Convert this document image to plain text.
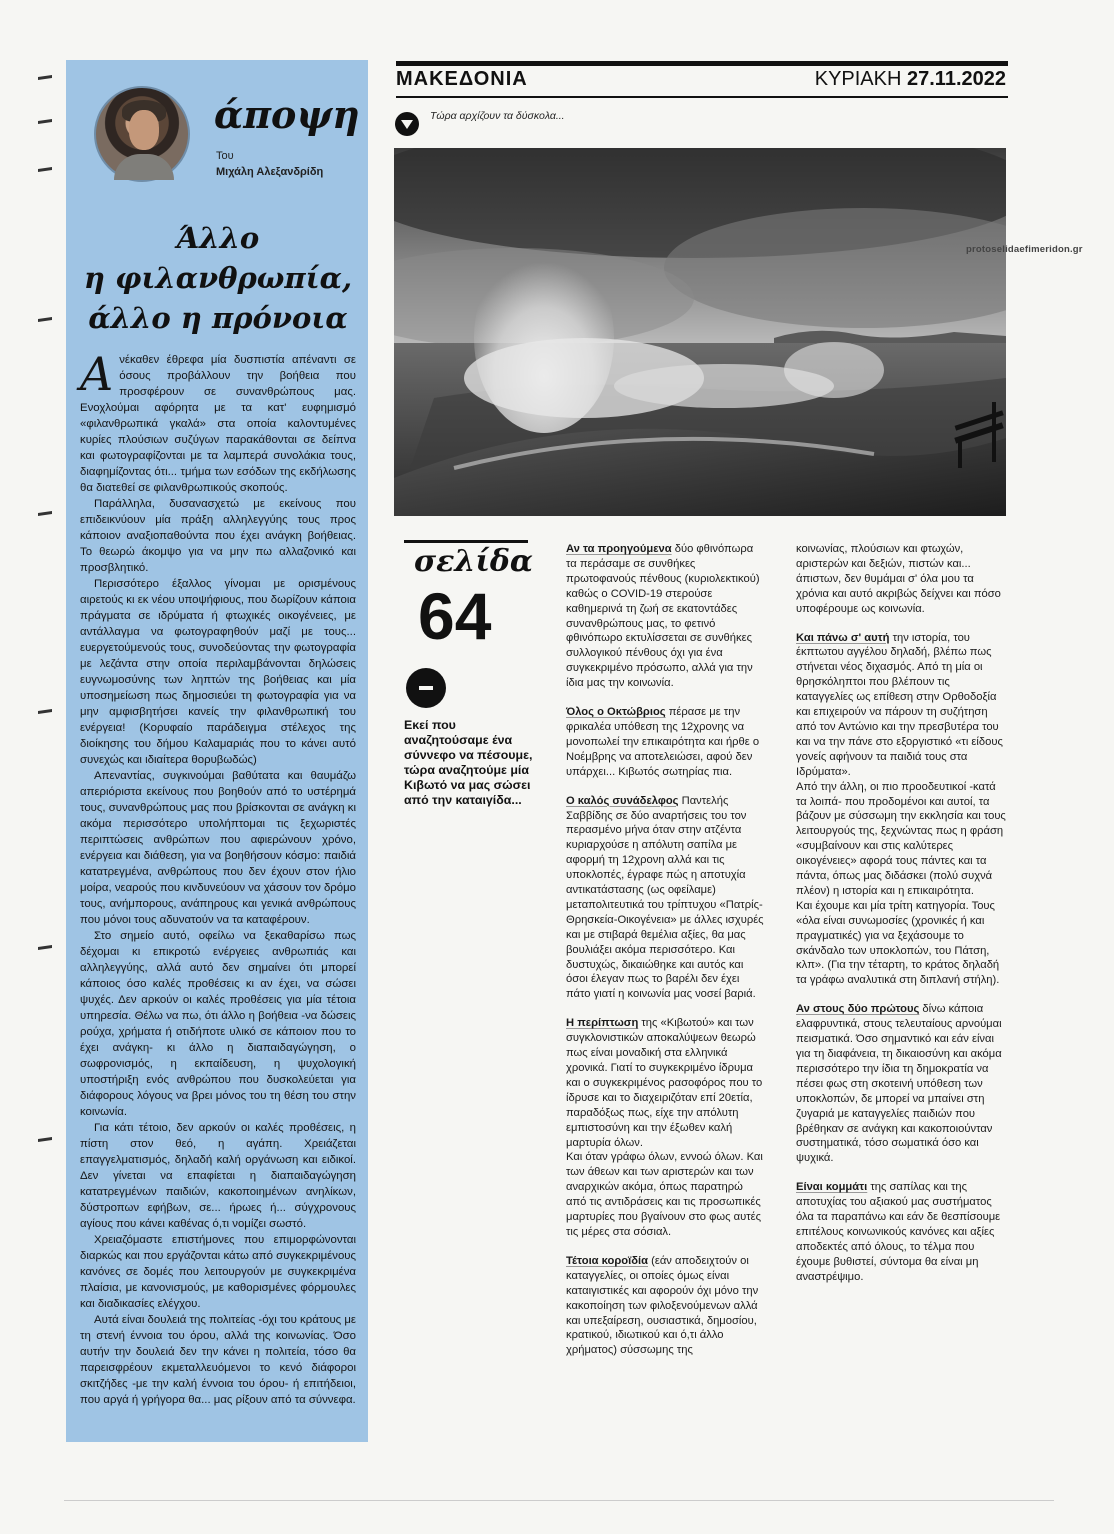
άποψη
Του
Μιχάλη Αλεξανδρίδη
Άλλο
η φιλανθρωπία,
άλλο η πρόνοια

Ανέκαθεν έθρεφα μία δυσπιστία απέναντι σε όσους προβάλλουν την βοήθεια που προσφέρουν σε συνανθρώπους μας. Ενοχλούμαι αφόρητα με τα κατ' ευφημισμό «φιλανθρωπικά γκαλά» στα οποία καλοντυμένες κυρίες πλούσιων συζύγων παρακάθονται σε δείπνα και φωτογραφίζονται με τα λαμπερά συνολάκια τους, διαφημίζοντας ότι... τμήμα των εσόδων της εκδήλωσης θα διατεθεί σε φιλανθρωπικούς σκοπούς.

Παράλληλα, δυσανασχετώ με εκείνους που επιδεικνύουν μία πράξη αλληλεγγύης τους προς κάποιον αναξιοπαθούντα που έχει ανάγκη βοήθειας. Το θεωρώ άκομψο για να μην πω αλλαζονικό και προσβλητικό.

Περισσότερο έξαλλος γίνομαι με ορισμένους αιρετούς κι εκ νέου υποψήφιους, που δωρίζουν κάποια πράγματα σε ιδρύματα ή φτωχικές οικογένειες, με αντάλλαγμα να φωτογραφηθούν μαζί με τους... ευεργετούμενούς τους, συνοδεύοντας την φωτογραφία με λεζάντα στην οποία περιλαμβάνονται δηλώσεις ευγνωμοσύνης των ληπτών της βοήθειας και μία υποσημείωση πως δημοσιεύει τη φωτογραφία για να μην αμφισβητήσει κανείς την φιλανθρωπική του ενέργεια! (Κορυφαίο παράδειγμα στέλεχος της διοίκησης του δήμου Καλαμαριάς που το κάνει αυτό συνεχώς και ιδιαίτερα θορυβωδώς)

Απεναντίας, συγκινούμαι βαθύτατα και θαυμάζω απεριόριστα εκείνους που βοηθούν από το υστέρημά τους, συνανθρώπους μας που βρίσκονται σε ανάγκη κι ακόμα περισσότερο υπολήπτομαι τις ξεχωριστές περιπτώσεις ανθρώπων που αφιερώνουν χρόνο, ενέργεια και διάθεση, για να βοηθήσουν κόσμο: παιδιά κατατρεγμένα, ανθρώπους που δεν έχουν στον ήλιο μοίρα, νεαρούς που κινδυνεύουν να χάσουν τον δρόμο τους, ανήμπορους, ανάπηρους και γενικά ανθρώπους που μόνοι τους αδυνατούν να τα καταφέρουν.

Στο σημείο αυτό, οφείλω να ξεκαθαρίσω πως δέχομαι κι επικροτώ ενέργειες ανθρωπιάς και αλληλεγγύης, αλλά αυτό δεν σημαίνει ότι μπορεί κάποιος όσο καλές προθέσεις κι αν έχει, να σώσει ψυχές. Δεν αρκούν οι καλές προθέσεις για μία τέτοια υπηρεσία. Θέλω να πω, ότι άλλο η βοήθεια -να δώσεις ρούχα, χρήματα ή οτιδήποτε υλικό σε κάποιον που το έχει ανάγκη- κι άλλο η διαπαιδαγώγηση, ο σωφρονισμός, η εκπαίδευση, η ψυχολογική υποστήριξη ενός ανθρώπου που δυσκολεύεται για διάφορους λόγους να βρει μόνος του τη θέση του στην κοινωνία.

Για κάτι τέτοιο, δεν αρκούν οι καλές προθέσεις, η πίστη στον θεό, η αγάπη. Χρειάζεται επαγγελματισμός, δηλαδή καλή οργάνωση και ειδικοί. Δεν γίνεται να επαφίεται η διαπαιδαγώγηση κατατρεγμένων παιδιών, κακοποιημένων ανηλίκων, δύστροπων εφήβων, σε... ήρωες ή... σύγχρονους αγίους που κάνει καθένας ό,τι νομίζει σωστό.

Χρειαζόμαστε επιστήμονες που επιμορφώνονται διαρκώς και που εργάζονται κάτω από συγκεκριμένους κανόνες σε δομές που λειτουργούν με συγκεκριμένα πλαίσια, με κανονισμούς, με καθορισμένες φόρμουλες και διαδικασίες ελέγχου.

Αυτά είναι δουλειά της πολιτείας -όχι του κράτους με τη στενή έννοια του όρου, αλλά της κοινωνίας. Όσο αυτήν την δουλειά δεν την κάνει η πολιτεία, τόσο θα παρεισφρέουν εκμεταλλευόμενοι το κενό διάφοροι σκιτζήδες -με την καλή έννοια του όρου- ή επιτήδειοι, που αργά ή γρήγορα θα... μας ρίξουν από τα σύννεφα.

ΜΑΚΕΔΟΝΙΑ	ΚΥΡΙΑΚΗ 27.11.2022
Τώρα αρχίζουν τα δύσκολα...
protoselidaefimeridon.gr
σελίδα
64
Εκεί που αναζητούσαμε ένα σύννεφο να πέσουμε, τώρα αναζητούμε μία Κιβωτό να μας σώσει από την καταιγίδα...

Αν τα προηγούμενα δύο φθινόπωρα τα περάσαμε σε συνθήκες πρωτοφανούς πένθους (κυριολεκτικού) καθώς ο COVID-19 στερούσε καθημερινά τη ζωή σε εκατοντάδες συνανθρώπους μας, το φετινό φθινόπωρο εκτυλίσσεται σε συνθήκες συλλογικού πένθους όχι για ένα συγκεκριμένο πρόσωπο, αλλά για την ίδια μας την κοινωνία.

Όλος ο Οκτώβριος πέρασε με την φρικαλέα υπόθεση της 12χρονης να μονοπωλεί την επικαιρότητα και ήρθε ο Νοέμβρης να αποτελειώσει, αφού δεν υπάρχει... Κιβωτός σωτηρίας πια.

Ο καλός συνάδελφος Παντελής Σαββίδης σε δύο αναρτήσεις του τον περασμένο μήνα όταν στην ατζέντα κυριαρχούσε η απόλυτη σαπίλα με αφορμή τη 12χρονη αλλά και τις υποκλοπές, έγραφε πώς η αποτυχία αντικατάστασης (ως οφείλαμε) μεταπολιτευτικά του τρίπτυχου «Πατρίς-Θρησκεία-Οικογένεια» με άλλες ισχυρές και με στιβαρά θεμέλια αξίες, θα μας βουλιάξει ακόμα περισσότερο. Και δυστυχώς, δικαιώθηκε και αυτός και όσοι έλεγαν πως το βαρέλι δεν έχει πάτο γιατί η κοινωνία μας νοσεί βαριά.

Η περίπτωση της «Κιβωτού» και των συγκλονιστικών αποκαλύψεων θεωρώ πως είναι μοναδική στα ελληνικά χρονικά. Γιατί το συγκεκριμένο ίδρυμα και ο συγκεκριμένος ρασοφόρος που το ίδρυσε και το διαχειριζόταν επί 20ετία, παραδόξως πως, είχε την απόλυτη εμπιστοσύνη και την έξωθεν καλή μαρτυρία όλων.
Και όταν γράφω όλων, εννοώ όλων. Και των άθεων και των αριστερών και των αναρχικών ακόμα, όπως παρατηρώ από τις αντιδράσεις και τις προσωπικές μαρτυρίες που βγαίνουν στο φως αυτές τις μέρες στα σόσιαλ.

Τέτοια κοροϊδία (εάν αποδειχτούν οι καταγγελίες, οι οποίες όμως είναι καταιγιστικές και αφορούν όχι μόνο την κακοποίηση των φιλοξενούμενων αλλά και υπεξαίρεση, ουσιαστικά, δημοσίου, κρατικού, ιδιωτικού και ό,τι άλλο χρήματος) σύσσωμης της

κοινωνίας, πλούσιων και φτωχών, αριστερών και δεξιών, πιστών και... άπιστων, δεν θυμάμαι σ' όλα μου τα χρόνια και αυτό ακριβώς δείχνει και πόσο υποφέρουμε ως κοινωνία.

Και πάνω σ' αυτή την ιστορία, του έκπτωτου αγγέλου δηλαδή, βλέπω πως στήνεται νέος διχασμός. Από τη μία οι θρησκόληπτοι που βλέπουν τις καταγγελίες ως επίθεση στην Ορθοδοξία και επιχειρούν να πάρουν τη συζήτηση από τον Αντώνιο και την πρεσβυτέρα του και να την πάνε στο εξοργιστικό «τι είδους γονείς αφήνουν τα παιδιά τους στα Ιδρύματα».
Από την άλλη, οι πιο προοδευτικοί -κατά τα λοιπά- που προδομένοι και αυτοί, τα βάζουν με σύσσωμη την εκκλησία και τους λειτουργούς της, ξεχνώντας πως η φράση «συμβαίνουν και στις καλύτερες οικογένειες» αφορά τους πάντες και τα πάντα, όπως μας διδάσκει (πολύ συχνά πλέον) η ιστορία και η επικαιρότητα.
Και έχουμε και μία τρίτη κατηγορία. Τους «όλα είναι συνωμοσίες (χρονικές ή και πραγματικές) για να ξεχάσουμε το σκάνδαλο των υποκλοπών, του Πάτση, κλπ». (Για την τέταρτη, το κράτος δηλαδή τα γράφω αναλυτικά στη διπλανή στήλη).

Αν στους δύο πρώτους δίνω κάποια ελαφρυντικά, στους τελευταίους αρνούμαι πεισματικά. Όσο σημαντικό και εάν είναι για τη διαφάνεια, τη δικαιοσύνη και ακόμα περισσότερο την ίδια τη δημοκρατία να πέσει φως στη σκοτεινή υπόθεση των υποκλοπών, δε μπορεί να μπαίνει στη ζυγαριά με καταγγελίες παιδιών που βρέθηκαν σε ανάγκη και κακοποιούνταν συστηματικά, τόσο σωματικά όσο και ψυχικά.

Είναι κομμάτι της σαπίλας και της αποτυχίας του αξιακού μας συστήματος όλα τα παραπάνω και εάν δε θεσπίσουμε επιτέλους κοινωνικούς κανόνες και αξίες αποδεκτές από όλους, το τέλμα που έχουμε βυθιστεί, σύντομα θα είναι μη αναστρέψιμο.
